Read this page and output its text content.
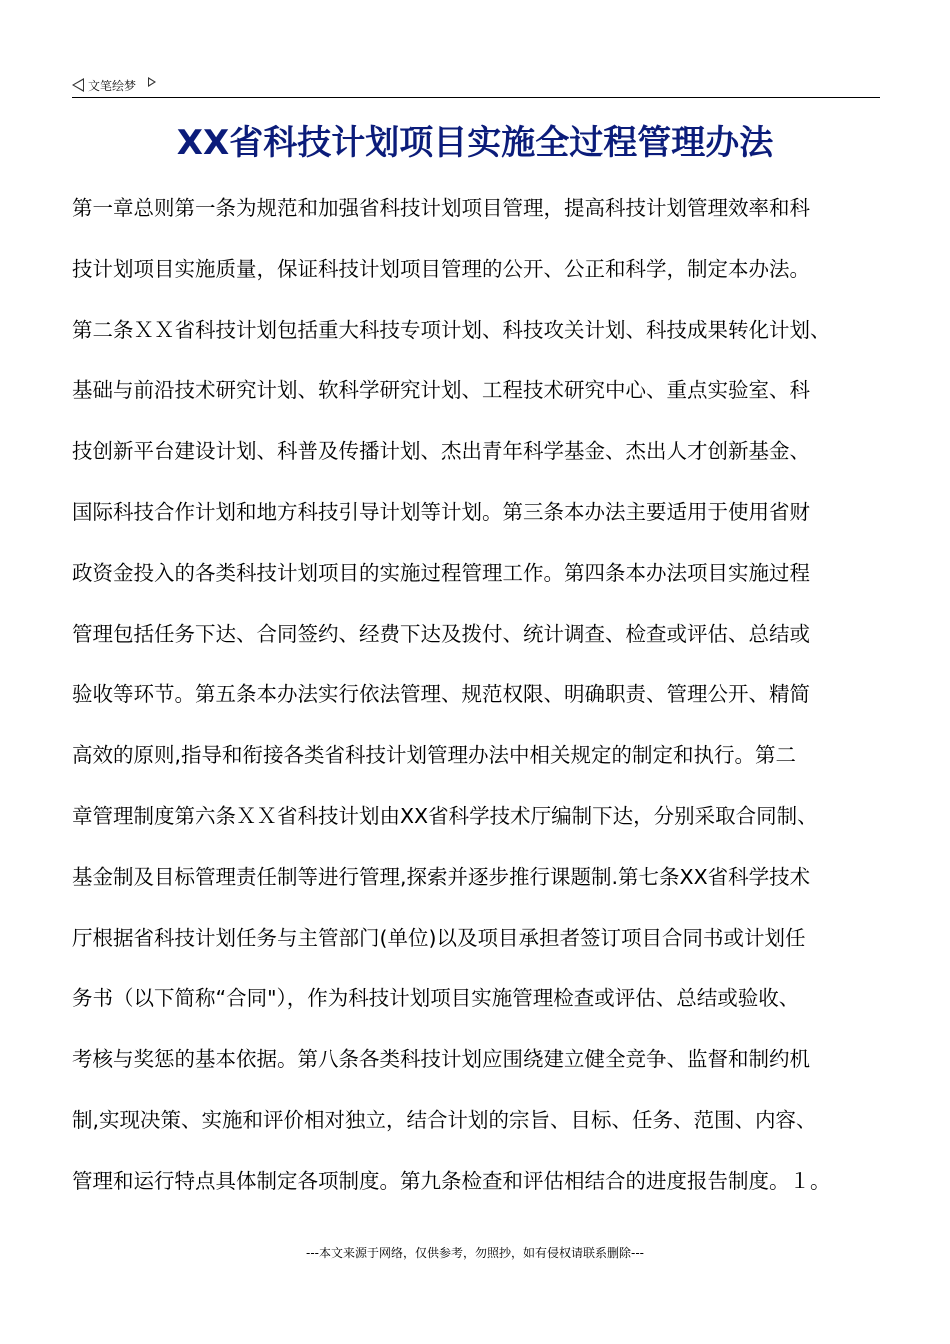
文笔绘梦
XX省科技计划项目实施全过程管理办法
第一章总则第一条为规范和加强省科技计划项目管理，提高科技计划管理效率和科
技计划项目实施质量，保证科技计划项目管理的公开、公正和科学，制定本办法。
第二条ＸＸ省科技计划包括重大科技专项计划、科技攻关计划、科技成果转化计划、
基础与前沿技术研究计划、软科学研究计划、工程技术研究中心、重点实验室、科
技创新平台建设计划、科普及传播计划、杰出青年科学基金、杰出人才创新基金、
国际科技合作计划和地方科技引导计划等计划。第三条本办法主要适用于使用省财
政资金投入的各类科技计划项目的实施过程管理工作。第四条本办法项目实施过程
管理包括任务下达、合同签约、经费下达及拨付、统计调查、检查或评估、总结或
验收等环节。第五条本办法实行依法管理、规范权限、明确职责、管理公开、精简
高效的原则,指导和衔接各类省科技计划管理办法中相关规定的制定和执行。第二
章管理制度第六条ＸＸ省科技计划由XX省科学技术厅编制下达，分别采取合同制、
基金制及目标管理责任制等进行管理,探索并逐步推行课题制.第七条XX省科学技术
厅根据省科技计划任务与主管部门(单位)以及项目承担者签订项目合同书或计划任
务书（以下简称“合同"），作为科技计划项目实施管理检查或评估、总结或验收、
考核与奖惩的基本依据。第八条各类科技计划应围绕建立健全竞争、监督和制约机
制,实现决策、实施和评价相对独立，结合计划的宗旨、目标、任务、范围、内容、
管理和运行特点具体制定各项制度。第九条检查和评估相结合的进度报告制度。１。
---本文来源于网络，仅供参考，勿照抄，如有侵权请联系删除---
